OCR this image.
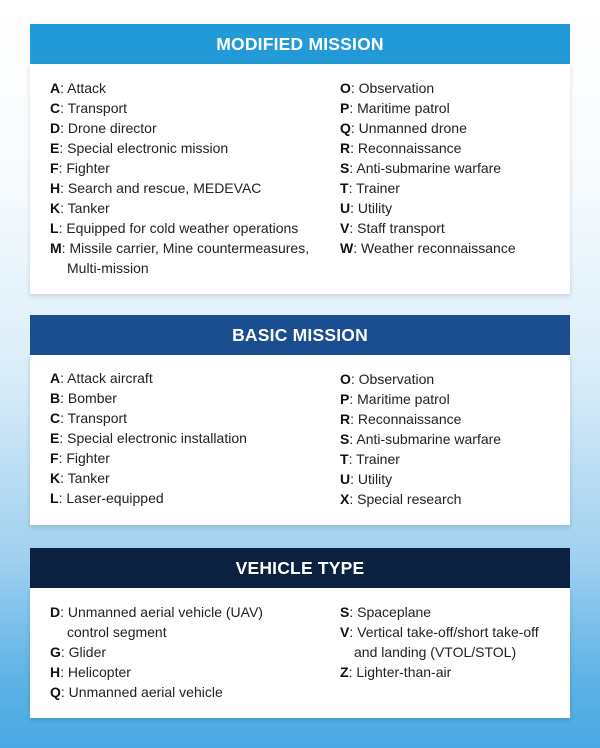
MODIFIED MISSION
A : Attack
C : Transport
D : Drone director
E : Special electronic mission
F : Fighter
H : Search and rescue, MEDEVAC
K : Tanker
L : Equipped for cold weather operations
M : Missile carrier, Mine countermeasures,
Multi-mission
O : Observation
P : Maritime patrol
Q : Unmanned drone
R : Reconnaissance
S : Anti-submarine warfare
T : Trainer
U : Utility
V : Staff transport
W : Weather reconnaissance
BASIC MISSION
A : Attack aircraft
B : Bomber
C : Transport
E : Special electronic installation
F : Fighter
K : Tanker
L : Laser-equipped
O : Observation
P : Maritime patrol
R : Reconnaissance
S : Anti-submarine warfare
T : Trainer
U : Utility
X : Special research
VEHICLE TYPE
D : Unmanned aerial vehicle (UAV)
control segment
G : Glider
H : Helicopter
Q : Unmanned aerial vehicle
S : Spaceplane
V : Vertical take-off/short take-off
and landing (VTOL/STOL)
Z : Lighter-than-air
